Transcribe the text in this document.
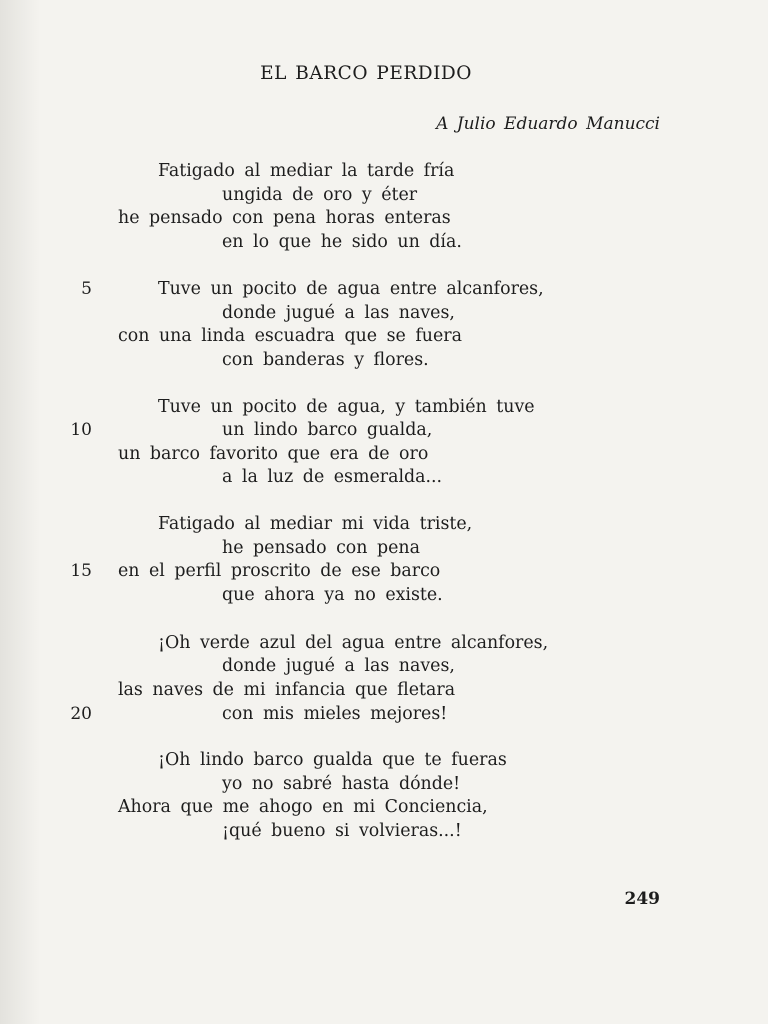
EL BARCO PERDIDO
A Julio Eduardo Manucci
Fatigado al mediar la tarde fría
ungida de oro y éter
he pensado con pena horas enteras
en lo que he sido un día.
5	Tuve un pocito de agua entre alcanfores,
donde jugué a las naves,
con una linda escuadra que se fuera
con banderas y flores.
Tuve un pocito de agua, y también tuve
10	un lindo barco gualda,
un barco favorito que era de oro
a la luz de esmeralda...
Fatigado al mediar mi vida triste,
he pensado con pena
15 en el perfil proscrito de ese barco
que ahora ya no existe.
¡Oh verde azul del agua entre alcanfores,
donde jugué a las naves,
las naves de mi infancia que fletara
20	con mis mieles mejores!
¡Oh lindo barco gualda que te fueras
yo no sabré hasta dónde!
Ahora que me ahogo en mi Conciencia,
¡qué bueno si volvieras...!
249
